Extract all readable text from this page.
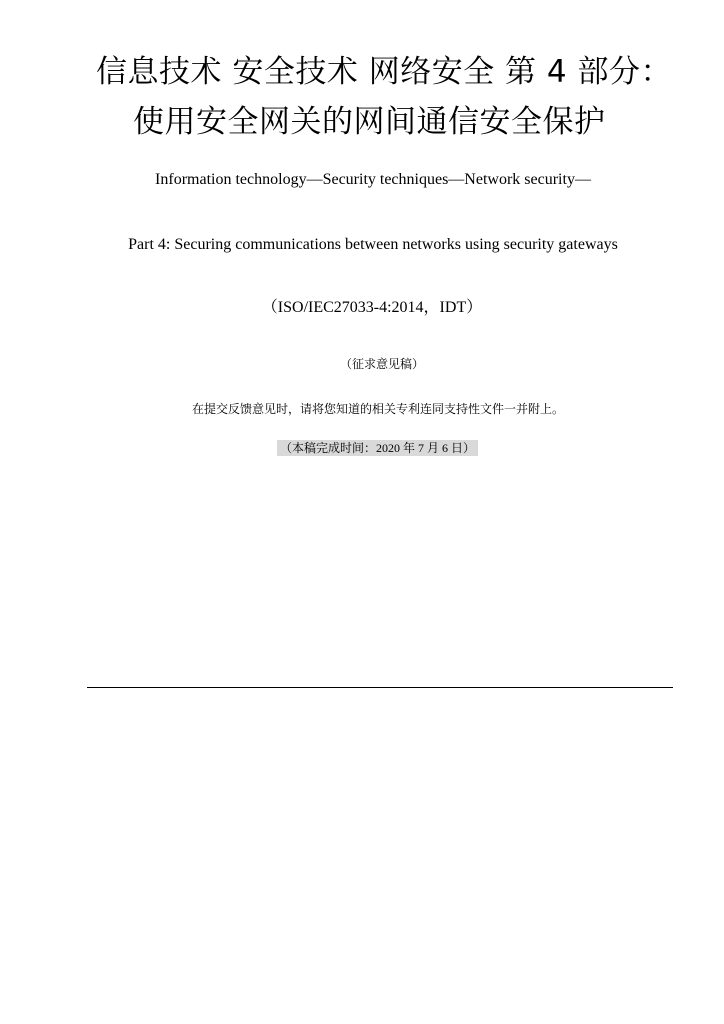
信息技术 安全技术 网络安全 第 4 部分：
使用安全网关的网间通信安全保护
Information technology—Security techniques—Network security—
Part 4: Securing communications between networks using security gateways
（ISO/IEC27033-4:2014，IDT）
（征求意见稿）
在提交反馈意见时，请将您知道的相关专利连同支持性文件一并附上。
（本稿完成时间：2020 年 7 月 6 日）
